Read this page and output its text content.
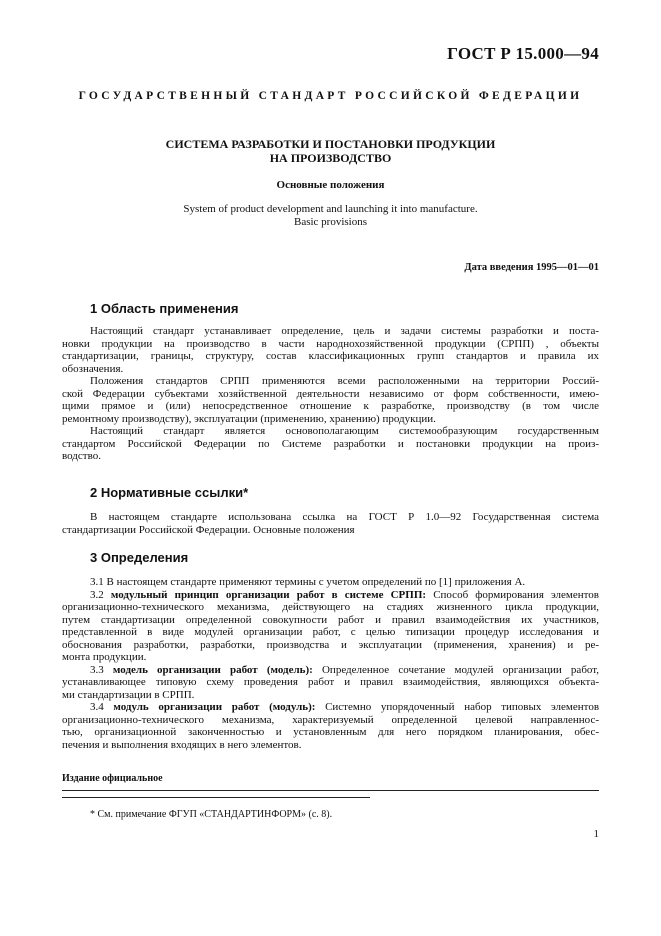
ГОСТ Р 15.000—94
ГОСУДАРСТВЕННЫЙ СТАНДАРТ РОССИЙСКОЙ ФЕДЕРАЦИИ
СИСТЕМА РАЗРАБОТКИ И ПОСТАНОВКИ ПРОДУКЦИИ
НА ПРОИЗВОДСТВО
Основные положения
System of product development and launching it into manufacture.
Basic provisions
Дата введения 1995—01—01
1 Область применения
Настоящий стандарт устанавливает определение, цель и задачи системы разработки и поста-
новки продукции на производство в части народнохозяйственной продукции (СРПП) , объекты
стандартизации, границы, структуру, состав классификационных групп стандартов и правила их
обозначения.
Положения стандартов СРПП применяются всеми расположенными на территории Россий-
ской Федерации субъектами хозяйственной деятельности независимо от форм собственности, имею-
щими прямое и (или) непосредственное отношение к разработке, производству (в том числе
ремонтному производству), эксплуатации (применению, хранению) продукции.
Настоящий стандарт является основополагающим системообразующим государственным
стандартом Российской Федерации по Системе разработки и постановки продукции на произ-
водство.
2 Нормативные ссылки*
В настоящем стандарте использована ссылка на ГОСТ Р 1.0—92 Государственная система
стандартизации Российской Федерации. Основные положения
3 Определения
3.1 В настоящем стандарте применяют термины с учетом определений по [1] приложения А.
3.2 модульный принцип организации работ в системе СРПП: Способ формирования элементов
организационно-технического механизма, действующего на стадиях жизненного цикла продукции,
путем стандартизации определенной совокупности работ и правил взаимодействия их участников,
представленной в виде модулей организации работ, с целью типизации процедур исследования и
обоснования разработки, разработки, производства и эксплуатации (применения, хранения) и ре-
монта продукции.
3.3 модель организации работ (модель): Определенное сочетание модулей организации работ,
устанавливающее типовую схему проведения работ и правил взаимодействия, являющихся объекта-
ми стандартизации в СРПП.
3.4 модуль организации работ (модуль): Системно упорядоченный набор типовых элементов
организационно-технического механизма, характеризуемый определенной целевой направленнос-
тью, организационной законченностью и установленным для него порядком планирования, обес-
печения и выполнения входящих в него элементов.
Издание официальное
* См. примечание ФГУП «СТАНДАРТИНФОРМ» (с. 8).
1
